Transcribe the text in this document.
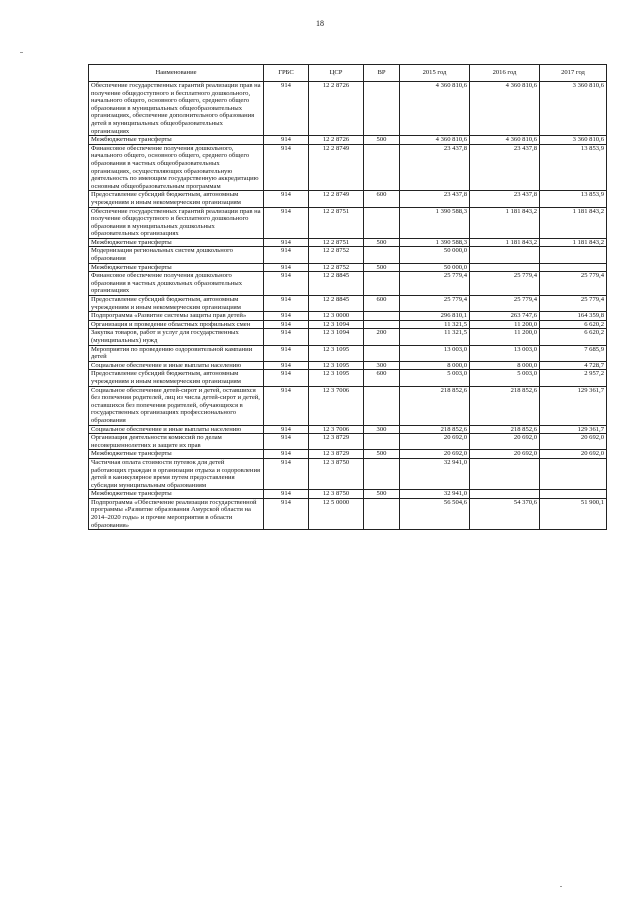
18
Наименование	ГРБС	ЦСР	ВР	2015 год	2016 год	2017 год
Обеспечение государственных гарантий реализации прав на получение общедоступного и бесплатного дошкольного, начального общего, основного общего, среднего общего образования в муниципальных общеобразовательных организациях, обеспечение дополнительного образования детей в муниципальных общеобразовательных организациях	914	12 2 8726		4 360 810,6	4 360 810,6	3 360 810,6
Межбюджетные трансферты	914	12 2 8726	500	4 360 810,6	4 360 810,6	3 360 810,6
Финансовое обеспечение получения дошкольного, начального общего, основного общего, среднего общего образования в частных общеобразовательных организациях, осуществляющих образовательную деятельность по имеющим государственную аккредитацию основным общеобразовательным программам	914	12 2 8749		23 437,8	23 437,8	13 853,9
Предоставление субсидий бюджетным, автономным учреждениям и иным некоммерческим организациям	914	12 2 8749	600	23 437,8	23 437,8	13 853,9
Обеспечение государственных гарантий реализации прав на получение общедоступного и бесплатного дошкольного образования в муниципальных дошкольных образовательных организациях	914	12 2 8751		1 390 588,3	1 181 843,2	1 181 843,2
Межбюджетные трансферты	914	12 2 8751	500	1 390 588,3	1 181 843,2	1 181 843,2
Модернизация региональных систем дошкольного образования	914	12 2 8752		50 000,0		
Межбюджетные трансферты	914	12 2 8752	500	50 000,0		
Финансовое обеспечение получения дошкольного образования в частных дошкольных образовательных организациях	914	12 2 8845		25 779,4	25 779,4	25 779,4
Предоставление субсидий бюджетным, автономным учреждениям и иным некоммерческим организациям	914	12 2 8845	600	25 779,4	25 779,4	25 779,4
Подпрограмма «Развитие системы защиты прав детей»	914	12 3 0000		296 810,1	263 747,6	164 359,8
Организация и проведение областных профильных смен	914	12 3 1094		11 321,5	11 200,0	6 620,2
Закупка товаров, работ и услуг для государственных (муниципальных) нужд	914	12 3 1094	200	11 321,5	11 200,0	6 620,2
Мероприятия по проведению оздоровительной кампании детей	914	12 3 1095		13 003,0	13 003,0	7 685,9
Социальное обеспечение и иные выплаты населению	914	12 3 1095	300	8 000,0	8 000,0	4 728,7
Предоставление субсидий бюджетным, автономным учреждениям и иным некоммерческим организациям	914	12 3 1095	600	5 003,0	5 003,0	2 957,2
Социальное обеспечение детей-сирот и детей, оставшихся без попечения родителей, лиц из числа детей-сирот и детей, оставшихся без попечения родителей, обучающихся в государственных организациях профессионального образования	914	12 3 7006		218 852,6	218 852,6	129 361,7
Социальное обеспечение и иные выплаты населению	914	12 3 7006	300	218 852,6	218 852,6	129 361,7
Организация деятельности комиссий по делам несовершеннолетних и защите их прав	914	12 3 8729		20 692,0	20 692,0	20 692,0
Межбюджетные трансферты	914	12 3 8729	500	20 692,0	20 692,0	20 692,0
Частичная оплата стоимости путевок для детей работающих граждан в организации отдыха и оздоровления детей в каникулярное время путем предоставления субсидии муниципальным образованиям	914	12 3 8750		32 941,0		
Межбюджетные трансферты	914	12 3 8750	500	32 941,0		
Подпрограмма «Обеспечение реализации государственной программы «Развитие образования Амурской области на 2014–2020 годы» и прочие мероприятия в области образования»	914	12 5 0000		56 504,6	54 370,6	51 900,1
